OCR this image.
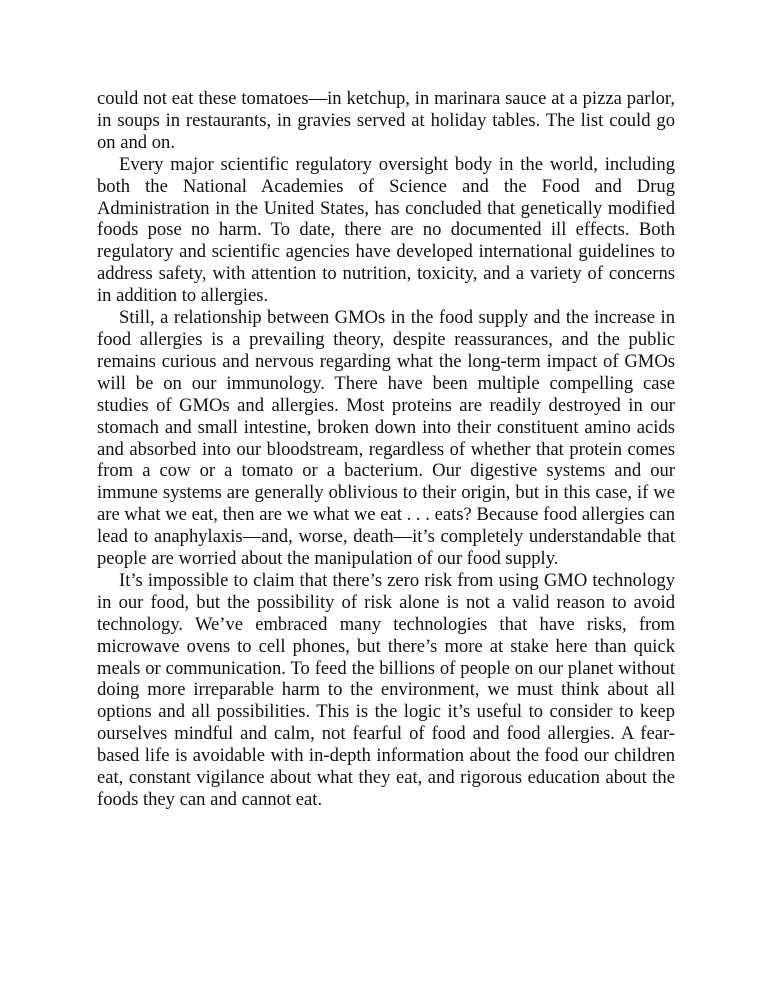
could not eat these tomatoes—in ketchup, in marinara sauce at a pizza parlor, in soups in restaurants, in gravies served at holiday tables. The list could go on and on.

Every major scientific regulatory oversight body in the world, including both the National Academies of Science and the Food and Drug Administration in the United States, has concluded that genetically modified foods pose no harm. To date, there are no documented ill effects. Both regulatory and scientific agencies have developed international guidelines to address safety, with attention to nutrition, toxicity, and a variety of concerns in addition to allergies.

Still, a relationship between GMOs in the food supply and the increase in food allergies is a prevailing theory, despite reassurances, and the public remains curious and nervous regarding what the long-term impact of GMOs will be on our immunology. There have been multiple compelling case studies of GMOs and allergies. Most proteins are readily destroyed in our stomach and small intestine, broken down into their constituent amino acids and absorbed into our bloodstream, regardless of whether that protein comes from a cow or a tomato or a bacterium. Our digestive systems and our immune systems are generally oblivious to their origin, but in this case, if we are what we eat, then are we what we eat . . . eats? Because food allergies can lead to anaphylaxis—and, worse, death—it’s completely understandable that people are worried about the manipulation of our food supply.

It’s impossible to claim that there’s zero risk from using GMO technology in our food, but the possibility of risk alone is not a valid reason to avoid technology. We’ve embraced many technologies that have risks, from microwave ovens to cell phones, but there’s more at stake here than quick meals or communication. To feed the billions of people on our planet without doing more irreparable harm to the environment, we must think about all options and all possibilities. This is the logic it’s useful to consider to keep ourselves mindful and calm, not fearful of food and food allergies. A fear-based life is avoidable with in-depth information about the food our children eat, constant vigilance about what they eat, and rigorous education about the foods they can and cannot eat.
